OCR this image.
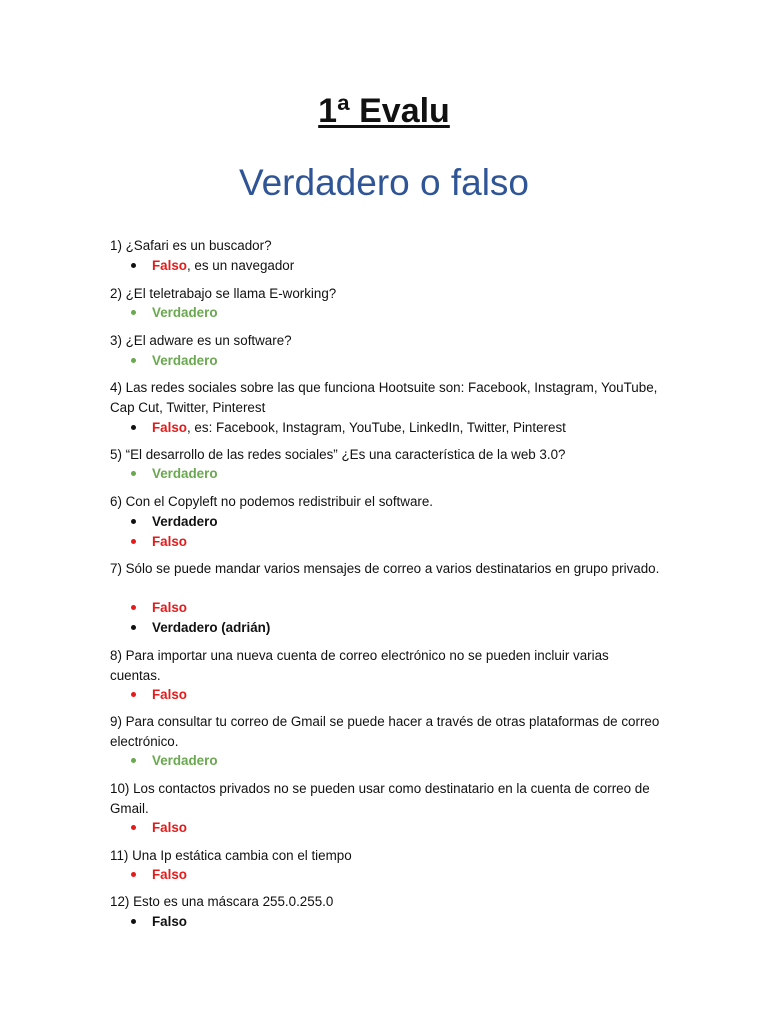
1ª Evalu
Verdadero o falso
1) ¿Safari es un buscador?
Falso, es un navegador
2) ¿El teletrabajo se llama E-working?
Verdadero
3) ¿El adware es un software?
Verdadero
4) Las redes sociales sobre las que funciona Hootsuite son: Facebook, Instagram, YouTube, Cap Cut, Twitter, Pinterest
Falso, es: Facebook, Instagram, YouTube, LinkedIn, Twitter, Pinterest
5) “El desarrollo de las redes sociales” ¿Es una característica de la web 3.0?
Verdadero
6) Con el Copyleft no podemos redistribuir el software.
Verdadero
Falso
7) Sólo se puede mandar varios mensajes de correo a varios destinatarios en grupo privado.
Falso
Verdadero (adrián)
8) Para importar una nueva cuenta de correo electrónico no se pueden incluir varias cuentas.
Falso
9) Para consultar tu correo de Gmail se puede hacer a través de otras plataformas de correo electrónico.
Verdadero
10) Los contactos privados no se pueden usar como destinatario en la cuenta de correo de Gmail.
Falso
11) Una Ip estática cambia con el tiempo
Falso
12) Esto es una máscara 255.0.255.0
Falso
